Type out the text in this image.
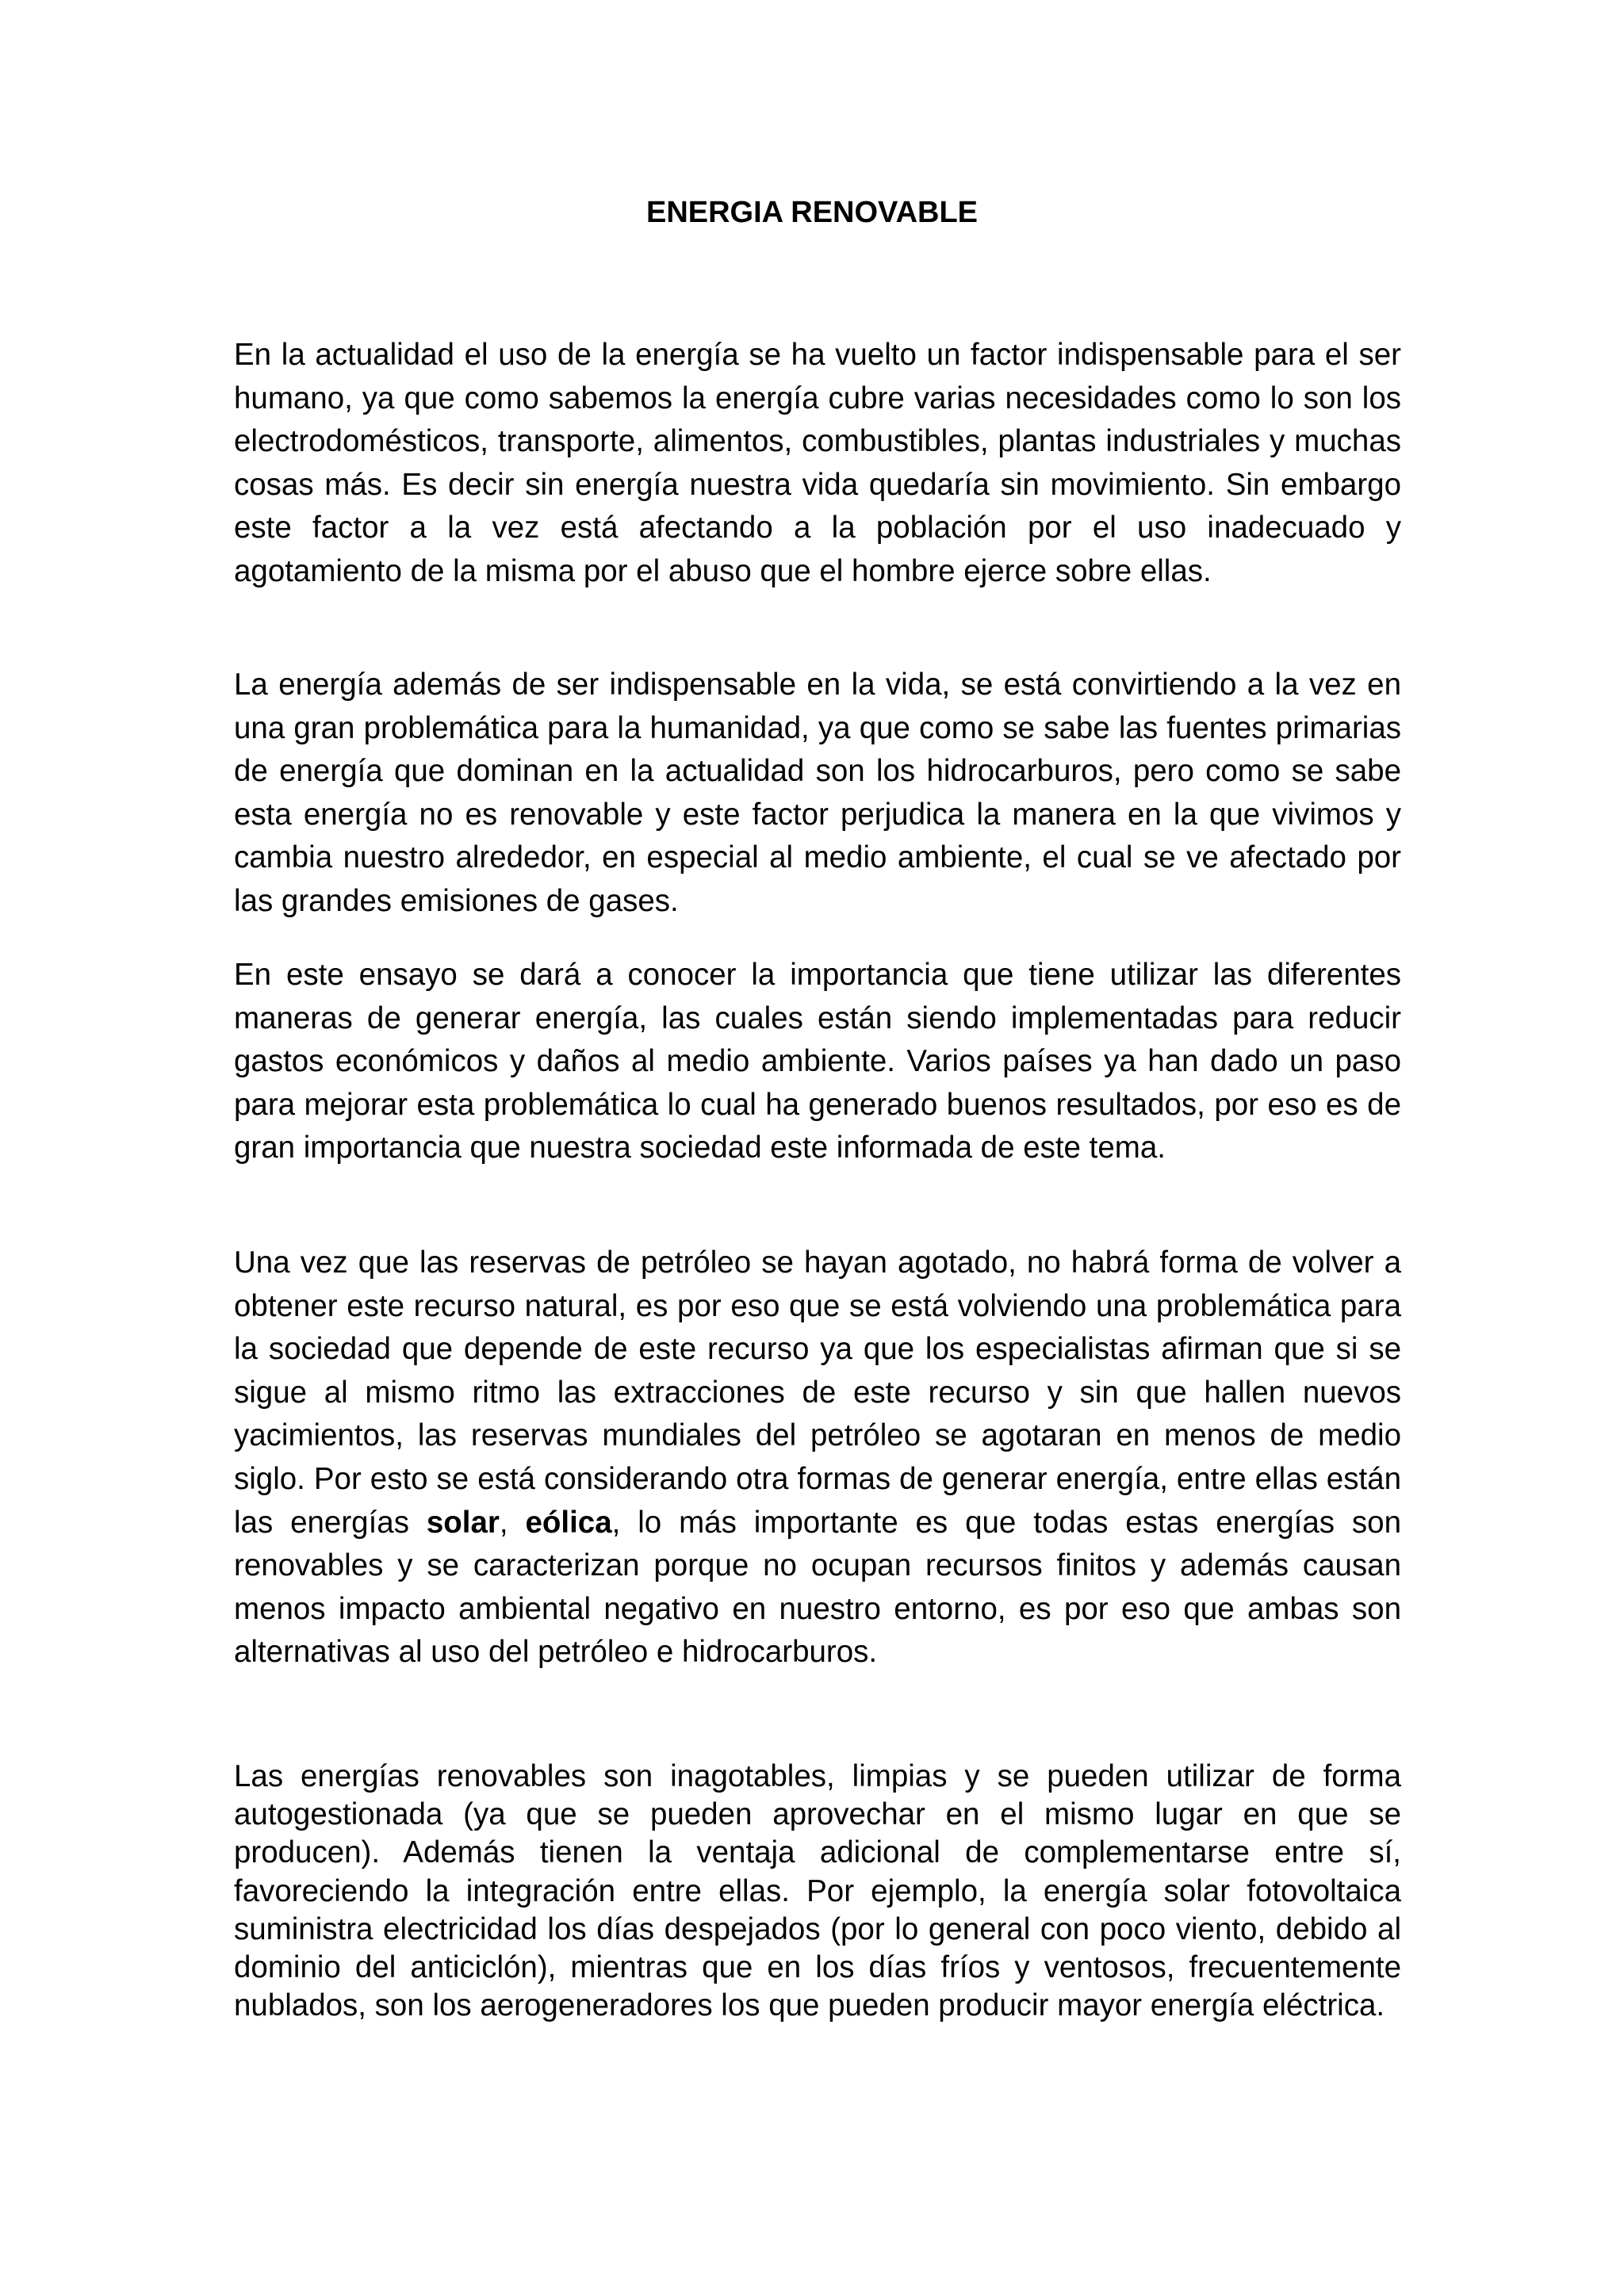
ENERGIA RENOVABLE

En la actualidad el uso de la energía se ha vuelto un factor indispensable para el ser humano, ya que como sabemos la energía cubre varias necesidades como lo son los electrodomésticos, transporte, alimentos, combustibles, plantas industriales y muchas cosas más. Es decir sin energía nuestra vida quedaría sin movimiento. Sin embargo este factor a la vez está afectando a la población por el uso inadecuado y agotamiento de la misma por el abuso que el hombre ejerce sobre ellas.

La energía además de ser indispensable en la vida, se está convirtiendo a la vez en una gran problemática para la humanidad, ya que como se sabe las fuentes primarias de energía que dominan en la actualidad son los hidrocarburos, pero como se sabe esta energía no es renovable y este factor perjudica la manera en la que vivimos y cambia nuestro alrededor, en especial al medio ambiente, el cual se ve afectado por las grandes emisiones de gases.

En este ensayo se dará a conocer la importancia que tiene utilizar las diferentes maneras de generar energía, las cuales están siendo implementadas para reducir gastos económicos y daños al medio ambiente. Varios países ya han dado un paso para mejorar esta problemática lo cual ha generado buenos resultados, por eso es de gran importancia que nuestra sociedad este informada de este tema.

Una vez que las reservas de petróleo se hayan agotado, no habrá forma de volver a obtener este recurso natural, es por eso que se está volviendo una problemática para la sociedad que depende de este recurso ya que los especialistas afirman que si se sigue al mismo ritmo las extracciones de este recurso y sin que hallen nuevos yacimientos, las reservas mundiales del petróleo se agotaran en menos de medio siglo. Por esto se está considerando otra formas de generar energía, entre ellas están las energías solar, eólica, lo más importante es que todas estas energías son renovables y se caracterizan porque no ocupan recursos finitos y además causan menos impacto ambiental negativo en nuestro entorno, es por eso que ambas son alternativas al uso del petróleo e hidrocarburos.

Las energías renovables son inagotables, limpias y se pueden utilizar de forma autogestionada (ya que se pueden aprovechar en el mismo lugar en que se producen). Además tienen la ventaja adicional de complementarse entre sí, favoreciendo la integración entre ellas. Por ejemplo, la energía solar fotovoltaica suministra electricidad los días despejados (por lo general con poco viento, debido al dominio del anticiclón), mientras que en los días fríos y ventosos, frecuentemente nublados, son los aerogeneradores los que pueden producir mayor energía eléctrica.
